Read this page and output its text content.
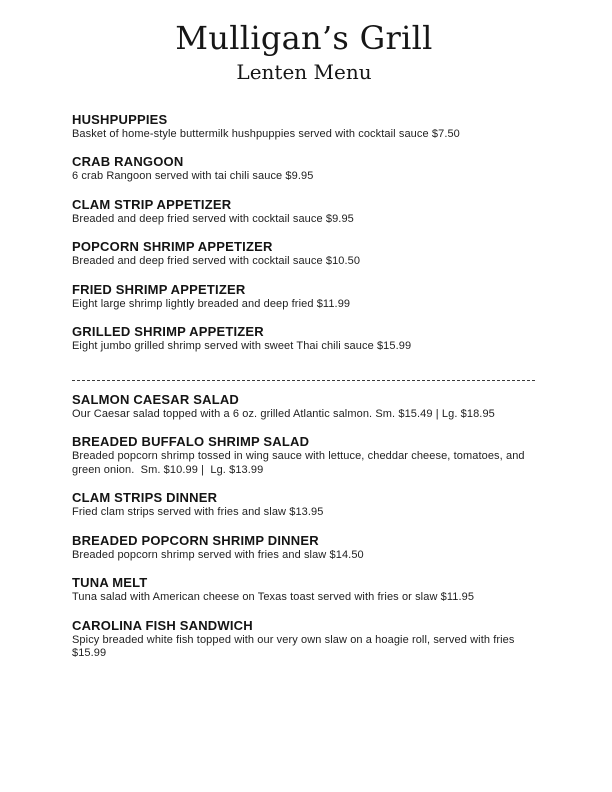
Mulligan’s Grill
Lenten Menu
HUSHPUPPIES

Basket of home-style buttermilk hushpuppies served with cocktail sauce $7.50

CRAB RANGOON

6 crab Rangoon served with tai chili sauce $9.95

CLAM STRIP APPETIZER

Breaded and deep fried served with cocktail sauce $9.95

POPCORN SHRIMP APPETIZER

Breaded and deep fried served with cocktail sauce $10.50

FRIED SHRIMP APPETIZER

Eight large shrimp lightly breaded and deep fried $11.99

GRILLED SHRIMP APPETIZER

Eight jumbo grilled shrimp served with sweet Thai chili sauce $15.99

SALMON CAESAR SALAD

Our Caesar salad topped with a 6 oz. grilled Atlantic salmon. Sm. $15.49 | Lg. $18.95

BREADED BUFFALO SHRIMP SALAD

Breaded popcorn shrimp tossed in wing sauce with lettuce, cheddar cheese, tomatoes, and green onion.  Sm. $10.99 |  Lg. $13.99

CLAM STRIPS DINNER

Fried clam strips served with fries and slaw $13.95

BREADED POPCORN SHRIMP DINNER

Breaded popcorn shrimp served with fries and slaw $14.50

TUNA MELT

Tuna salad with American cheese on Texas toast served with fries or slaw $11.95

CAROLINA FISH SANDWICH

Spicy breaded white fish topped with our very own slaw on a hoagie roll, served with fries $15.99
